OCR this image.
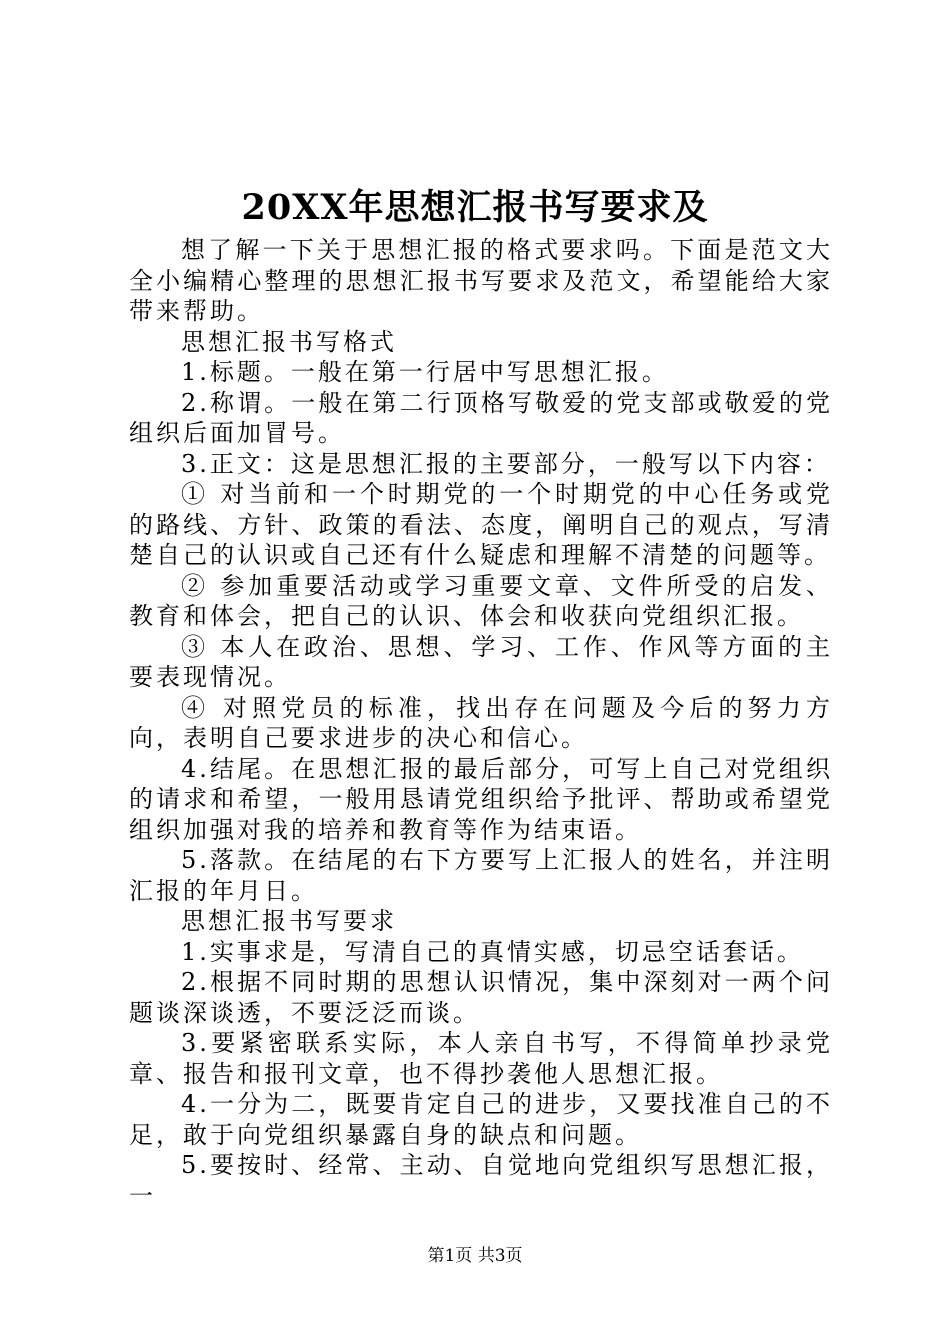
20XX年思想汇报书写要求及

想了解一下关于思想汇报的格式要求吗。下面是范文大全小编精心整理的思想汇报书写要求及范文，希望能给大家带来帮助。

思想汇报书写格式

1.标题。一般在第一行居中写思想汇报。

2.称谓。一般在第二行顶格写敬爱的党支部或敬爱的党组织后面加冒号。

3.正文：这是思想汇报的主要部分，一般写以下内容：

① 对当前和一个时期党的一个时期党的中心任务或党的路线、方针、政策的看法、态度，阐明自己的观点，写清楚自己的认识或自己还有什么疑虑和理解不清楚的问题等。

② 参加重要活动或学习重要文章、文件所受的启发、教育和体会，把自己的认识、体会和收获向党组织汇报。

③ 本人在政治、思想、学习、工作、作风等方面的主要表现情况。

④ 对照党员的标准，找出存在问题及今后的努力方向，表明自己要求进步的决心和信心。

4.结尾。在思想汇报的最后部分，可写上自己对党组织的请求和希望，一般用恳请党组织给予批评、帮助或希望党组织加强对我的培养和教育等作为结束语。

5.落款。在结尾的右下方要写上汇报人的姓名，并注明汇报的年月日。

思想汇报书写要求

1.实事求是，写清自己的真情实感，切忌空话套话。

2.根据不同时期的思想认识情况，集中深刻对一两个问题谈深谈透，不要泛泛而谈。

3.要紧密联系实际，本人亲自书写，不得简单抄录党章、报告和报刊文章，也不得抄袭他人思想汇报。

4.一分为二，既要肯定自己的进步，又要找准自己的不足，敢于向党组织暴露自身的缺点和问题。

5.要按时、经常、主动、自觉地向党组织写思想汇报，一

第1页 共3页
